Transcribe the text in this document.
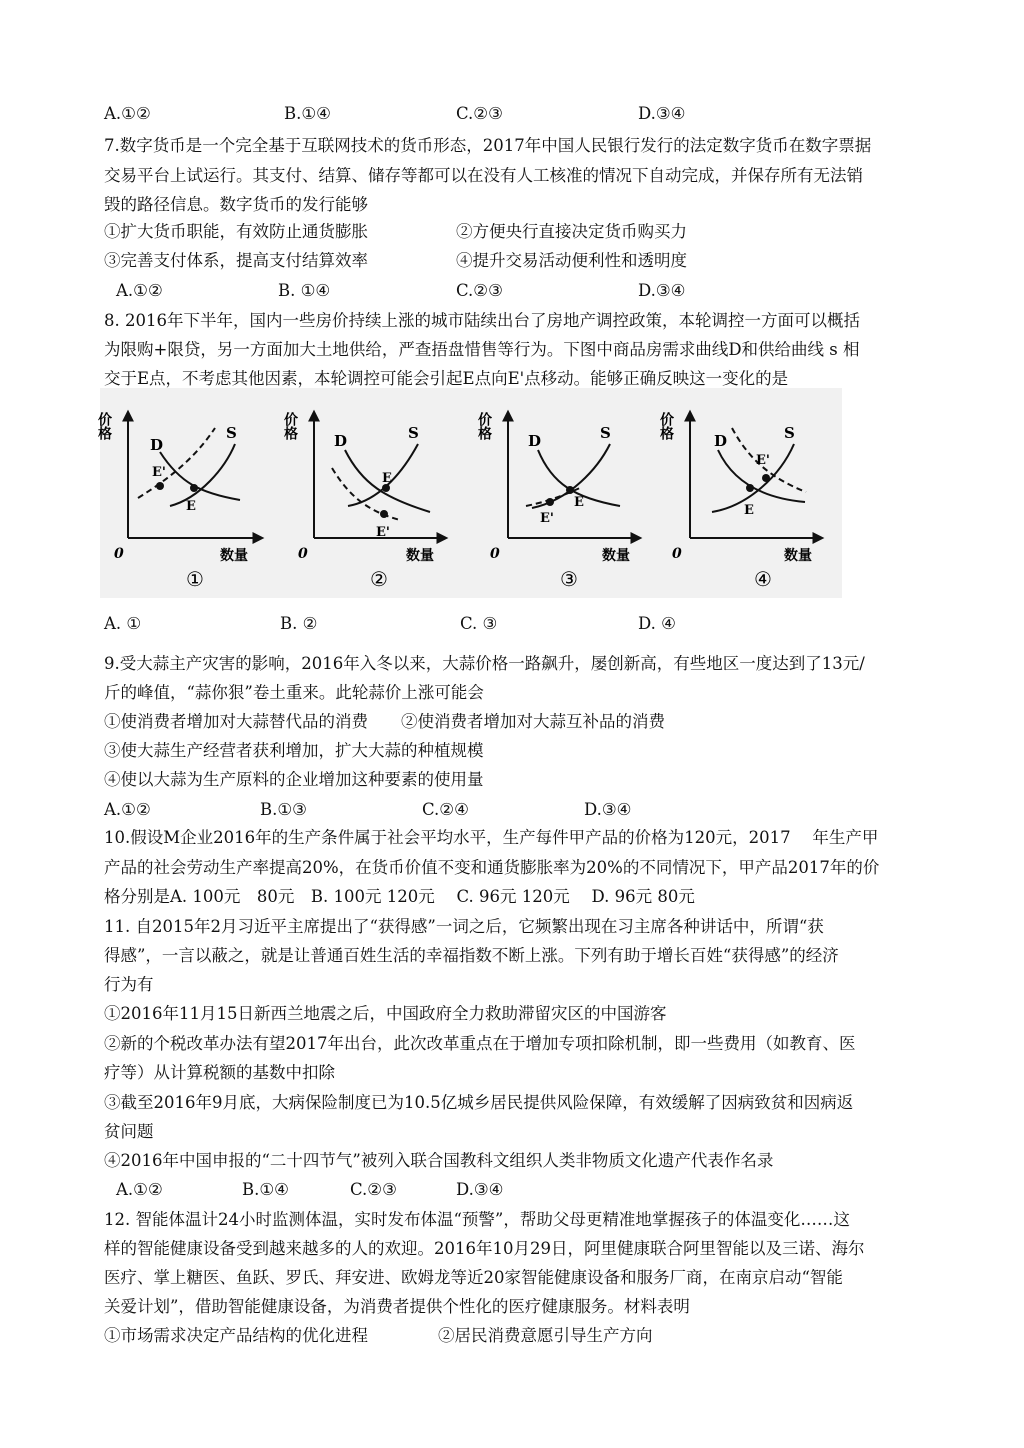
A.①②	B.①④	C.②③	D.③④
7.数字货币是一个完全基于互联网技术的货币形态，2017年中国人民银行发行的法定数字货币在数字票据
交易平台上试运行。其支付、结算、储存等都可以在没有人工核准的情况下自动完成，并保存所有无法销
毁的路径信息。数字货币的发行能够
①扩大货币职能，有效防止通货膨胀	②方便央行直接决定货币购买力
③完善支付体系，提高支付结算效率	④提升交易活动便利性和透明度
A.①②	B. ①④	C.②③	D.③④
8. 2016年下半年，国内一些房价持续上涨的城市陆续出台了房地产调控政策，本轮调控一方面可以概括
为限购+限贷，另一方面加大土地供给，严查捂盘惜售等行为。下图中商品房需求曲线D和供给曲线 s 相
交于E点，不考虑其他因素，本轮调控可能会引起E点向E'点移动。能够正确反映这一变化的是
价格
0	数量
D
S
E'
E
①
价格
0	数量
D	S
E
E'
②
价格
0	数量
D	S
E
E'
③
价格
0	数量
D	S
E'
E
④
A. ①	B. ②	C. ③	D. ④
9.受大蒜主产灾害的影响，2016年入冬以来，大蒜价格一路飙升，屡创新高，有些地区一度达到了13元/
斤的峰值，“蒜你狠”卷土重来。此轮蒜价上涨可能会
①使消费者增加对大蒜替代品的消费　　②使消费者增加对大蒜互补品的消费
③使大蒜生产经营者获利增加，扩大大蒜的种植规模
④使以大蒜为生产原料的企业增加这种要素的使用量
A.①②	B.①③	C.②④	D.③④
10.假设M企业2016年的生产条件属于社会平均水平，生产每件甲产品的价格为120元，2017　 年生产甲
产品的社会劳动生产率提高20%，在货币价值不变和通货膨胀率为20%的不同情况下，甲产品2017年的价
格分别是A. 100元　80元　B. 100元 120元　 C. 96元 120元　 D. 96元 80元
11. 自2015年2月习近平主席提出了“获得感”一词之后，它频繁出现在习主席各种讲话中，所谓“获
得感”，一言以蔽之，就是让普通百姓生活的幸福指数不断上涨。下列有助于增长百姓“获得感”的经济
行为有
①2016年11月15日新西兰地震之后，中国政府全力救助滞留灾区的中国游客
②新的个税改革办法有望2017年出台，此次改革重点在于增加专项扣除机制，即一些费用（如教育、医
疗等）从计算税额的基数中扣除
③截至2016年9月底，大病保险制度已为10.5亿城乡居民提供风险保障，有效缓解了因病致贫和因病返
贫问题
④2016年中国申报的“二十四节气”被列入联合国教科文组织人类非物质文化遗产代表作名录
A.①②	B.①④	C.②③	D.③④
12. 智能体温计24小时监测体温，实时发布体温“预警”，帮助父母更精准地掌握孩子的体温变化……这
样的智能健康设备受到越来越多的人的欢迎。2016年10月29日，阿里健康联合阿里智能以及三诺、海尔
医疗、掌上糖医、鱼跃、罗氏、拜安进、欧姆龙等近20家智能健康设备和服务厂商，在南京启动“智能
关爱计划”，借助智能健康设备，为消费者提供个性化的医疗健康服务。材料表明
①市场需求决定产品结构的优化进程	②居民消费意愿引导生产方向
